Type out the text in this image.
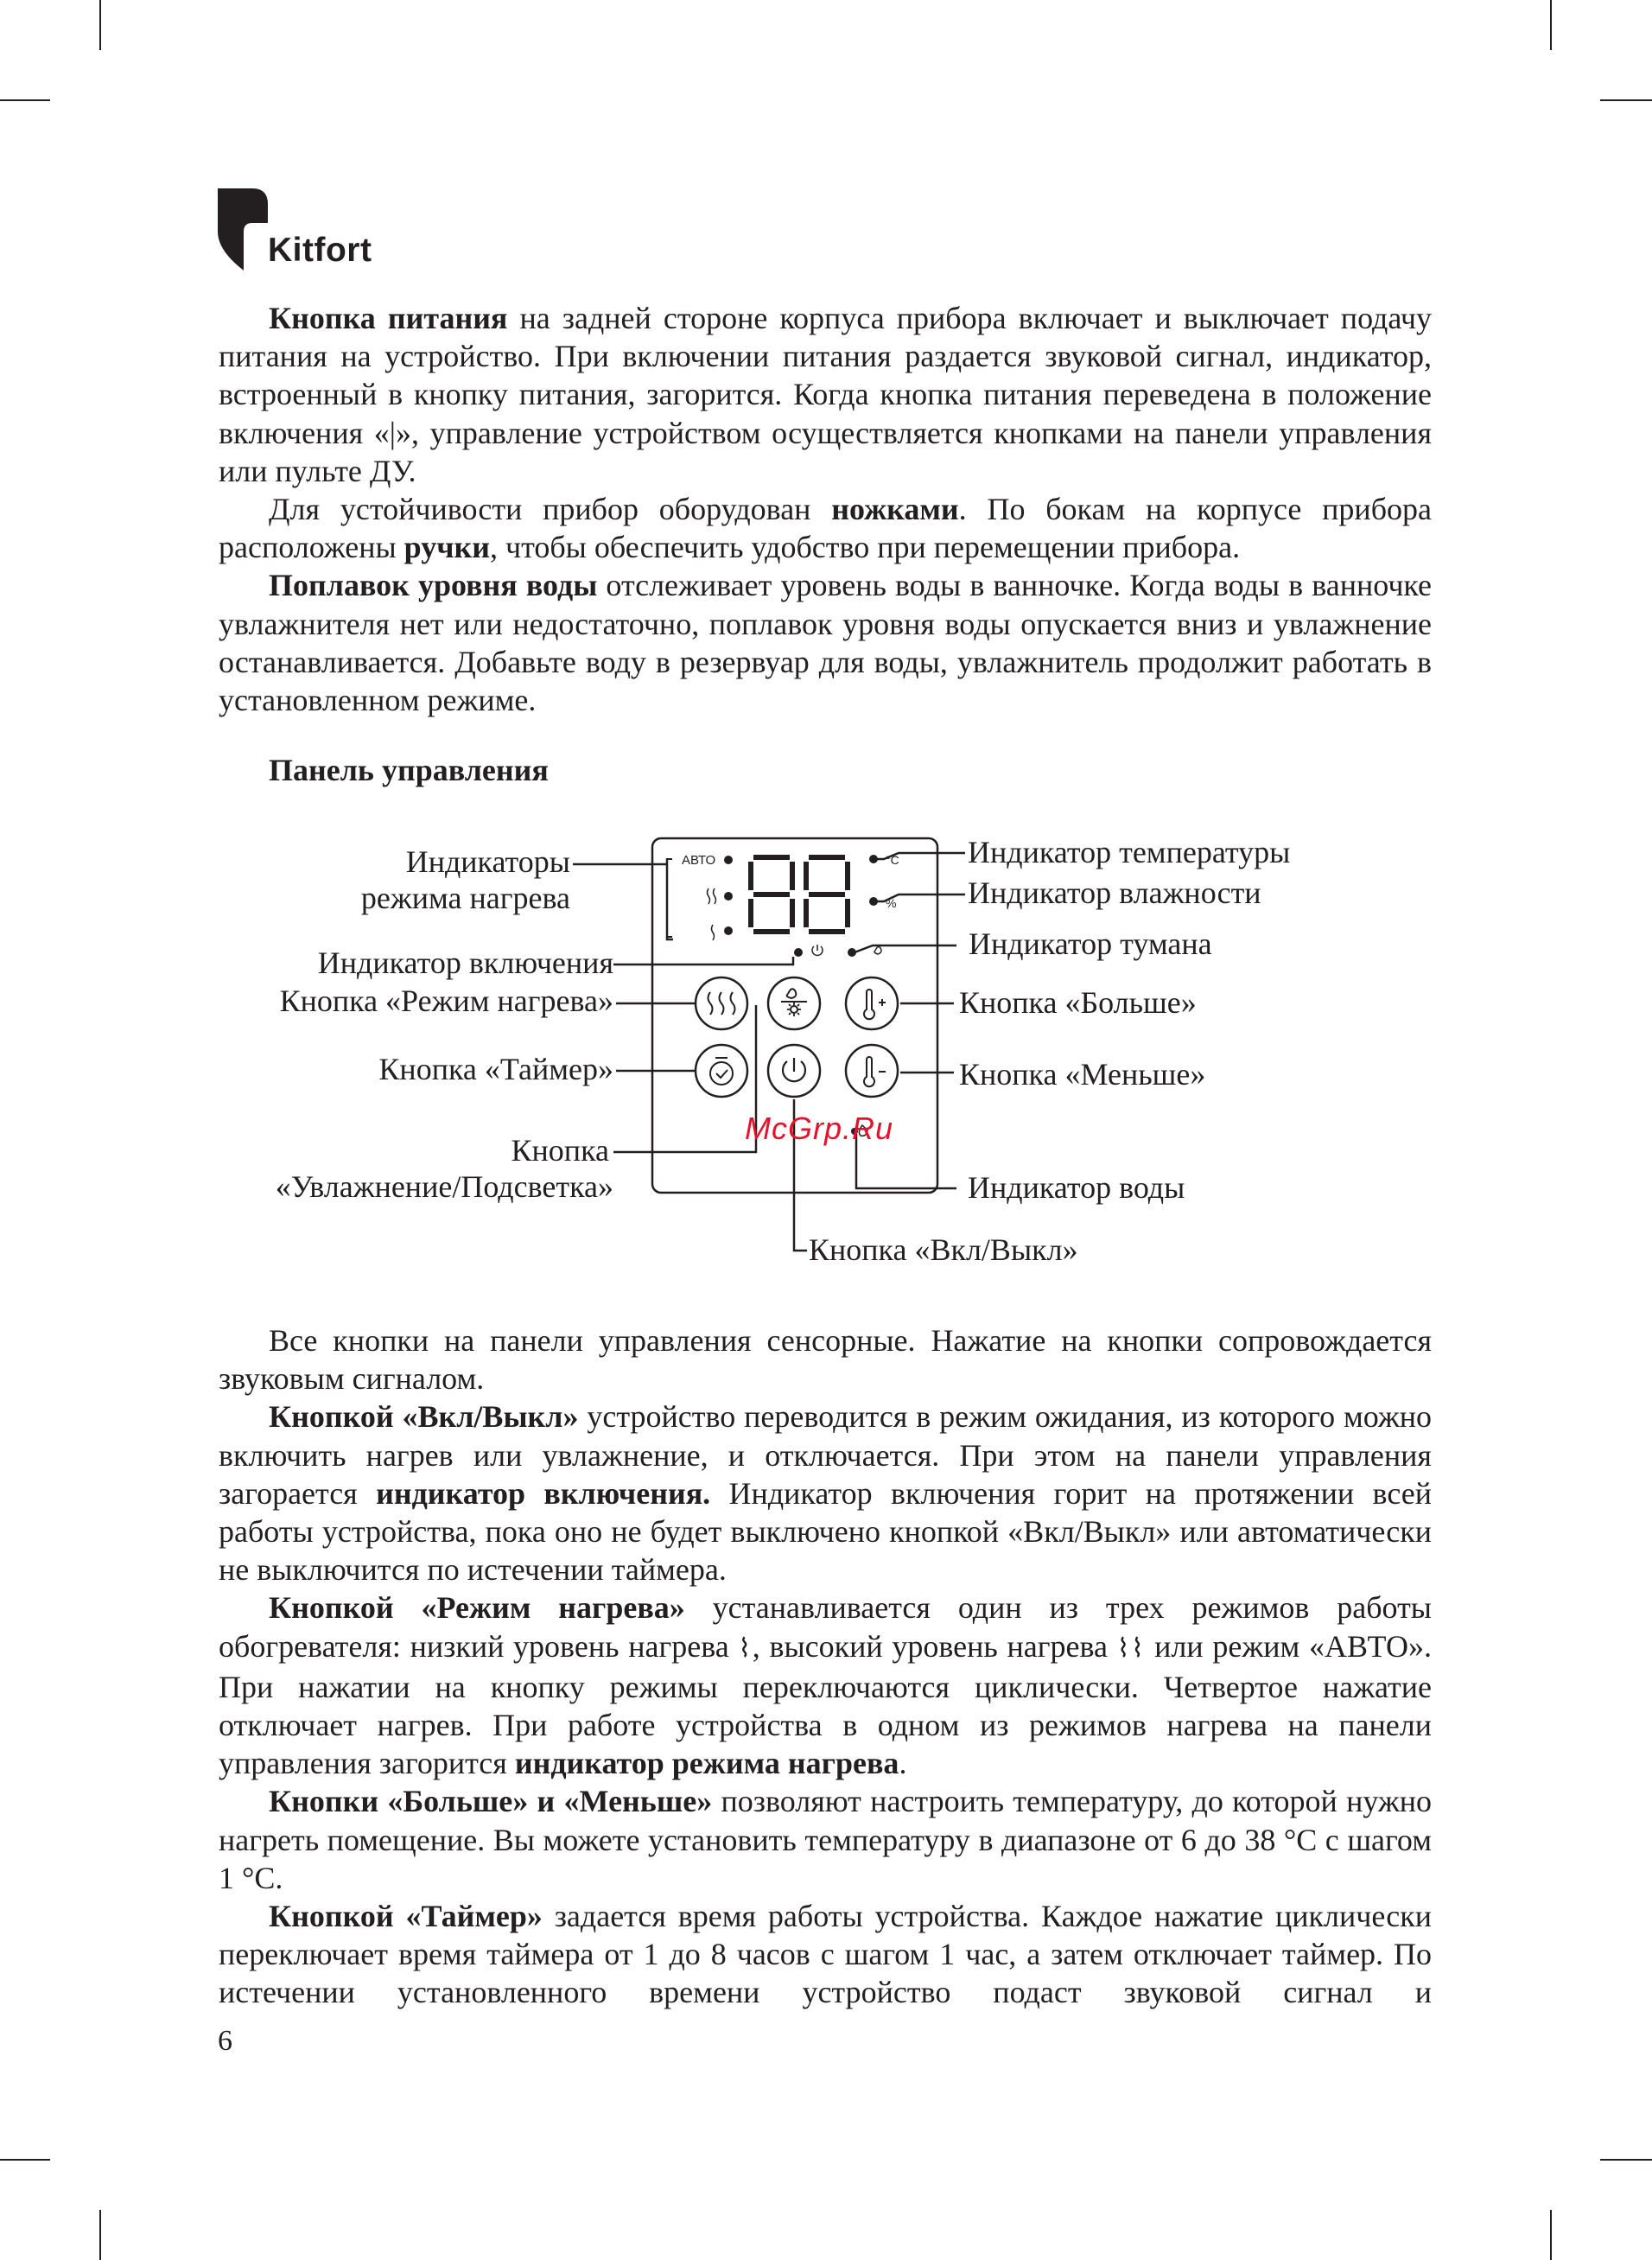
Kitfort

Кнопка питания на задней стороне корпуса прибора включает и выключает подачу питания на устройство. При включении питания раздается звуковой сигнал, индикатор, встроенный в кнопку питания, загорится. Когда кнопка питания переведена в положение включения «|», управление устройством осуществляется кнопками на панели управления или пульте ДУ.

Для устойчивости прибор оборудован ножками. По бокам на корпусе прибора расположены ручки, чтобы обеспечить удобство при перемещении прибора.

Поплавок уровня воды отслеживает уровень воды в ванночке. Когда воды в ванночке увлажнителя нет или недостаточно, поплавок уровня воды опускается вниз и увлажнение останавливается. Добавьте воду в резервуар для воды, увлажнитель продолжит работать в установленном режиме.

Панель управления
АВТО	°C
%
Индикаторы
режима нагрева
Индикатор включения
Кнопка «Режим нагрева»
Кнопка «Таймер»
Кнопка
«Увлажнение/Подсветка»
Индикатор температуры
Индикатор влажности
Индикатор тумана
Кнопка «Больше»
Кнопка «Меньше»
Индикатор воды
Кнопка «Вкл/Выкл»
McGrp.Ru

Все кнопки на панели управления сенсорные. Нажатие на кнопки сопровождается звуковым сигналом.

Кнопкой «Вкл/Выкл» устройство переводится в режим ожидания, из которого можно включить нагрев или увлажнение, и отключается. При этом на панели управления загорается индикатор включения. Индикатор включения горит на протяжении всей работы устройства, пока оно не будет выключено кнопкой «Вкл/Выкл» или автоматически не выключится по истечении таймера.

Кнопкой «Режим нагрева» устанавливается один из трех режимов работы обогревателя: низкий уровень нагрева ⌇, высокий уровень нагрева ⌇⌇ или режим «АВТО». При нажатии на кнопку режимы переключаются циклически. Четвертое нажатие отключает нагрев. При работе устройства в одном из режимов нагрева на панели управления загорится индикатор режима нагрева.

Кнопки «Больше» и «Меньше» позволяют настроить температуру, до которой нужно нагреть помещение. Вы можете установить температуру в диапазоне от 6 до 38 °С с шагом 1 °С.

Кнопкой «Таймер» задается время работы устройства. Каждое нажатие циклически переключает время таймера от 1 до 8 часов с шагом 1 час, а затем отключает таймер. По истечении установленного времени устройство подаст звуковой сигнал и

6
